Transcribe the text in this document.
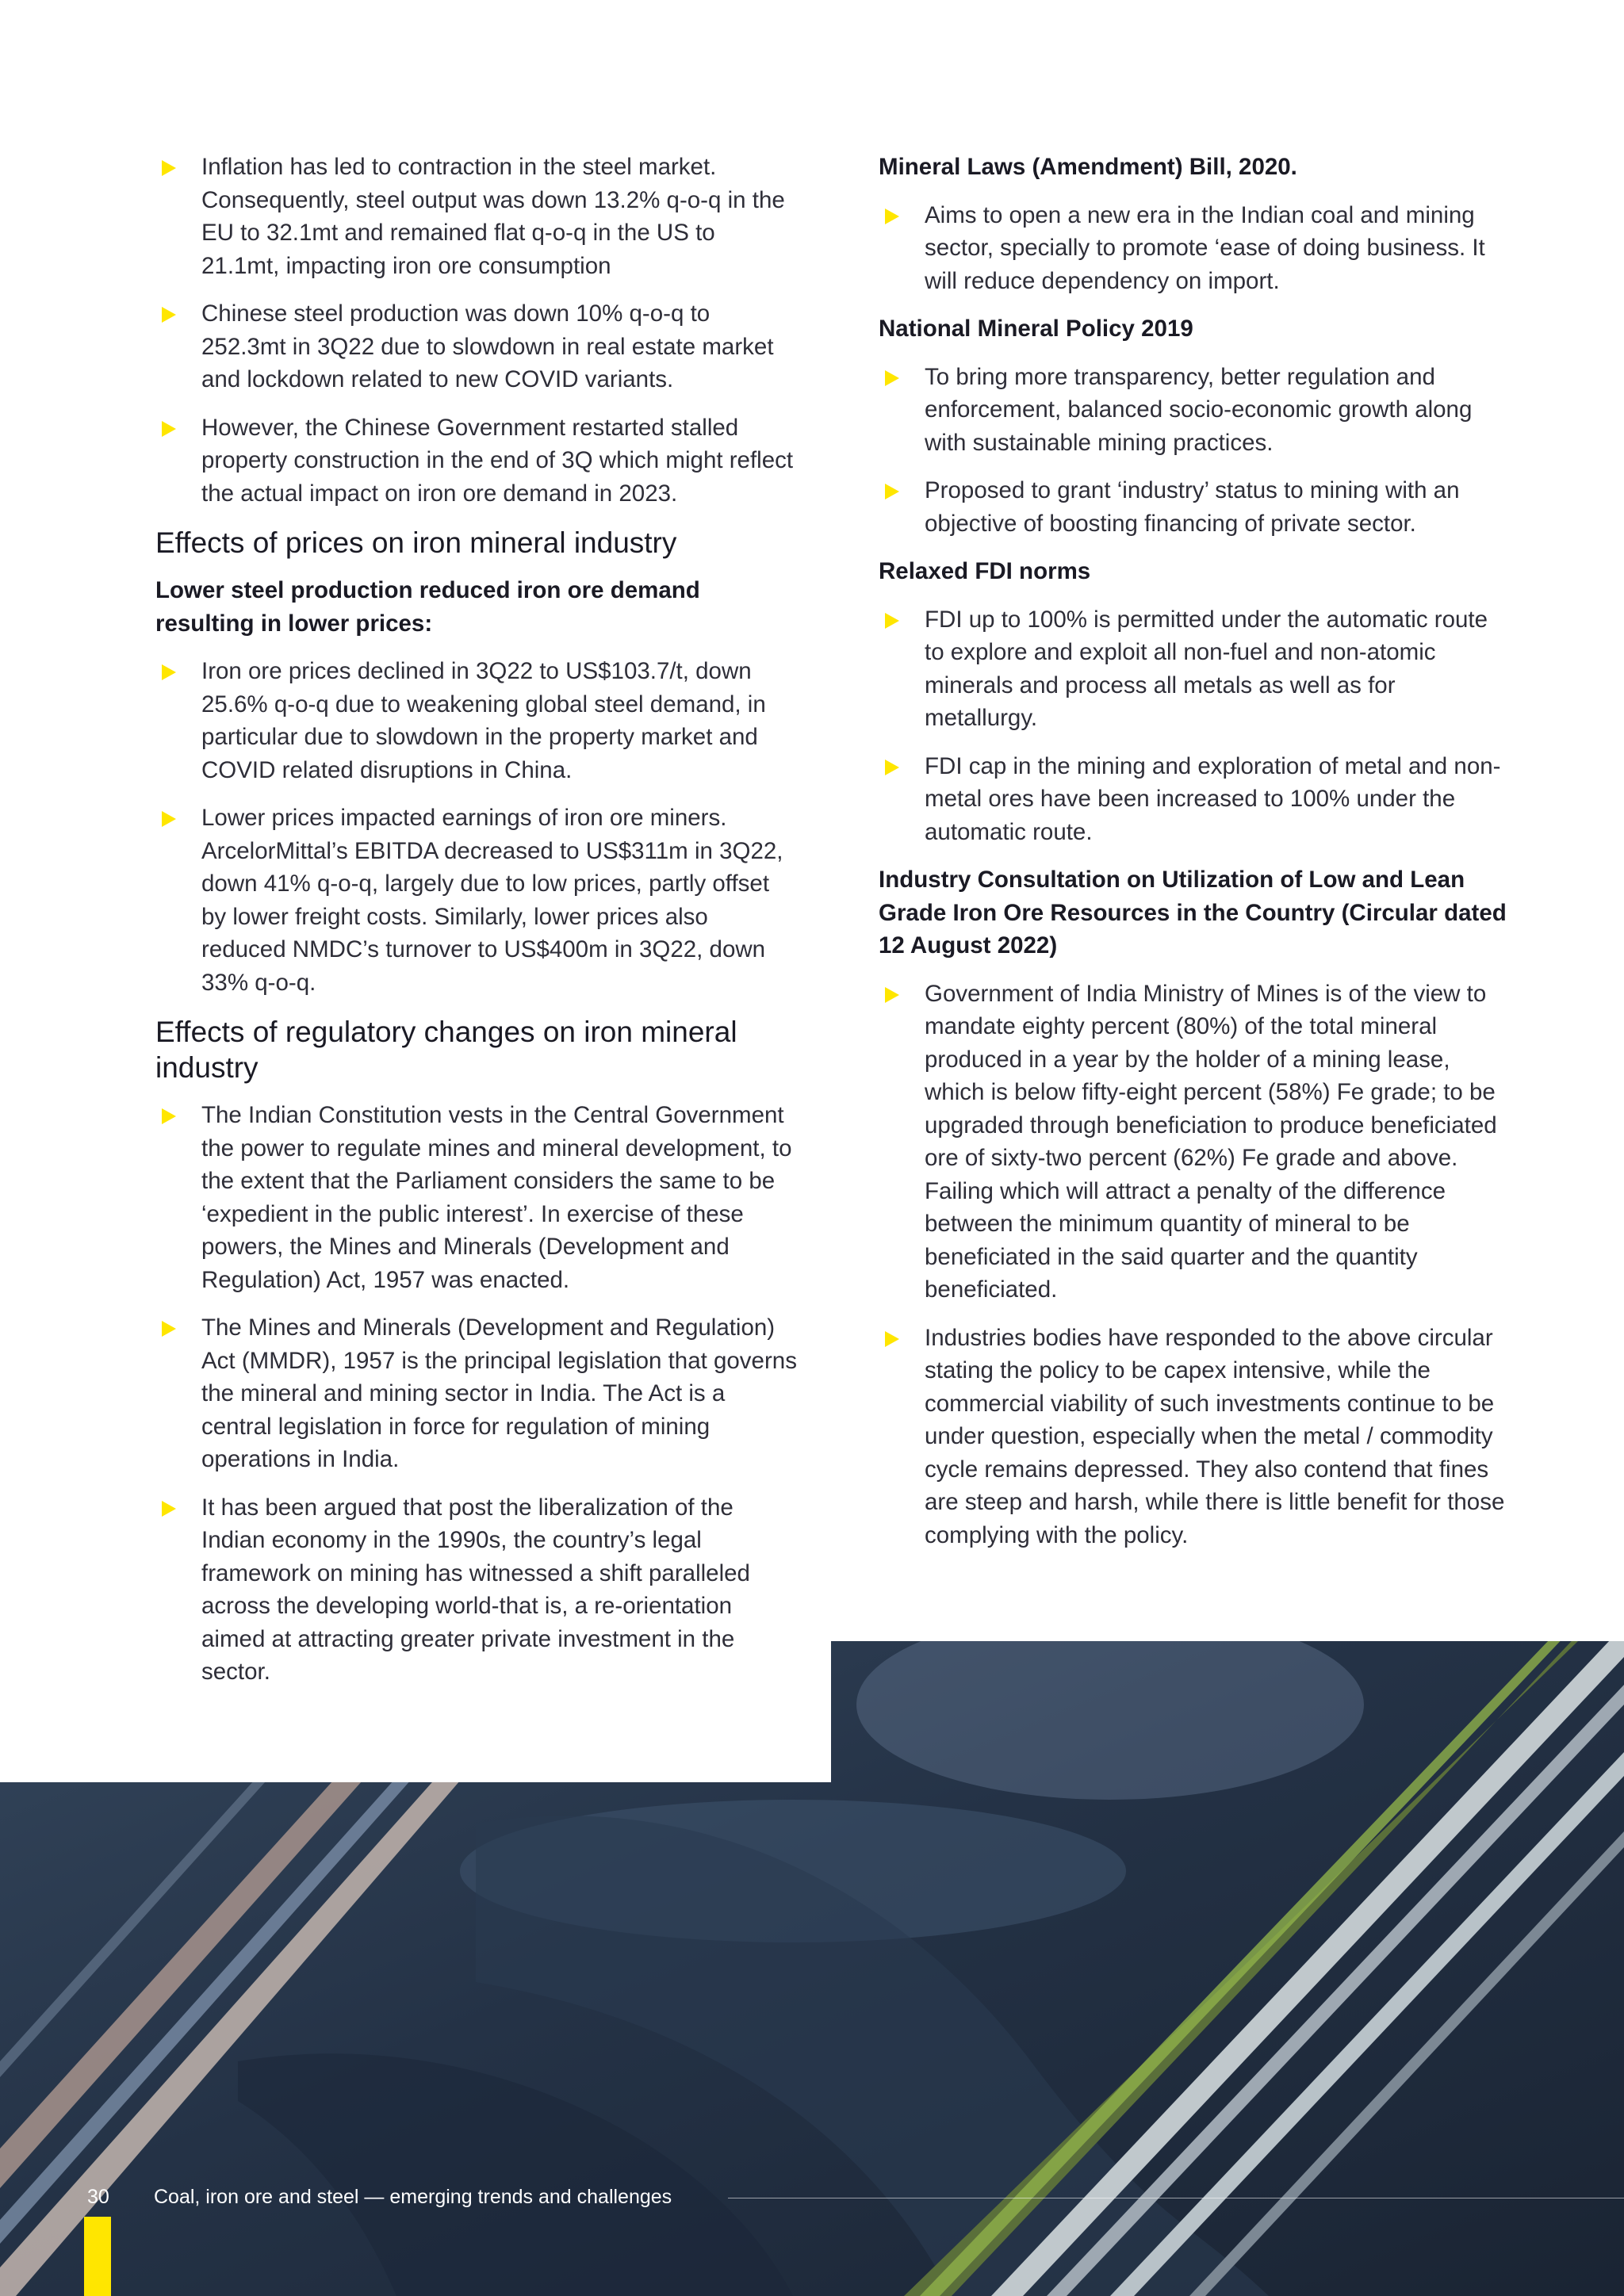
Inflation has led to contraction in the steel market. Consequently, steel output was down 13.2% q-o-q in the EU to 32.1mt and remained flat q-o-q in the US to 21.1mt, impacting iron ore consumption
Chinese steel production was down 10% q-o-q to 252.3mt in 3Q22 due to slowdown in real estate market and lockdown related to new COVID variants.
However, the Chinese Government restarted stalled property construction in the end of 3Q which might reflect the actual impact on iron ore demand in 2023.
Effects of prices on iron mineral industry

Lower steel production reduced iron ore demand resulting in lower prices:

Iron ore prices declined in 3Q22 to US$103.7/t, down 25.6% q-o-q due to weakening global steel demand, in particular due to slowdown in the property market and COVID related disruptions in China.
Lower prices impacted earnings of iron ore miners. ArcelorMittal’s EBITDA decreased to US$311m in 3Q22, down 41% q-o-q, largely due to low prices, partly offset by lower freight costs. Similarly, lower prices also reduced NMDC’s turnover to US$400m in 3Q22, down 33% q-o-q.
Effects of regulatory changes on iron mineral industry
The Indian Constitution vests in the Central Government the power to regulate mines and mineral development, to the extent that the Parliament considers the same to be ‘expedient in the public interest’. In exercise of these powers, the Mines and Minerals (Development and Regulation) Act, 1957 was enacted.
The Mines and Minerals (Development and Regulation) Act (MMDR), 1957 is the principal legislation that governs the mineral and mining sector in India. The Act is a central legislation in force for regulation of mining operations in India.
It has been argued that post the liberalization of the Indian economy in the 1990s, the country’s legal framework on mining has witnessed a shift paralleled across the developing world-that is, a re-orientation aimed at attracting greater private investment in the sector.

Mineral Laws (Amendment) Bill, 2020.

Aims to open a new era in the Indian coal and mining sector, specially to promote ‘ease of doing business. It will reduce dependency on import.

National Mineral Policy 2019

To bring more transparency, better regulation and enforcement, balanced socio-economic growth along with sustainable mining practices.
Proposed to grant ‘industry’ status to mining with an objective of boosting financing of private sector.

Relaxed FDI norms

FDI up to 100% is permitted under the automatic route to explore and exploit all non-fuel and non-atomic minerals and process all metals as well as for metallurgy.
FDI cap in the mining and exploration of metal and non-metal ores have been increased to 100% under the automatic route.

Industry Consultation on Utilization of Low and Lean Grade Iron Ore Resources in the Country (Circular dated 12 August 2022)

Government of India Ministry of Mines is of the view to mandate eighty percent (80%) of the total mineral produced in a year by the holder of a mining lease, which is below fifty-eight percent (58%) Fe grade; to be upgraded through beneficiation to produce beneficiated ore of sixty-two percent (62%) Fe grade and above. Failing which will attract a penalty of the difference between the minimum quantity of mineral to be beneficiated in the said quarter and the quantity beneficiated.
Industries bodies have responded to the above circular stating the policy to be capex intensive, while the commercial viability of such investments continue to be under question, especially when the metal / commodity cycle remains depressed. They also contend that fines are steep and harsh, while there is little benefit for those complying with the policy.
30 Coal, iron ore and steel — emerging trends and challenges
